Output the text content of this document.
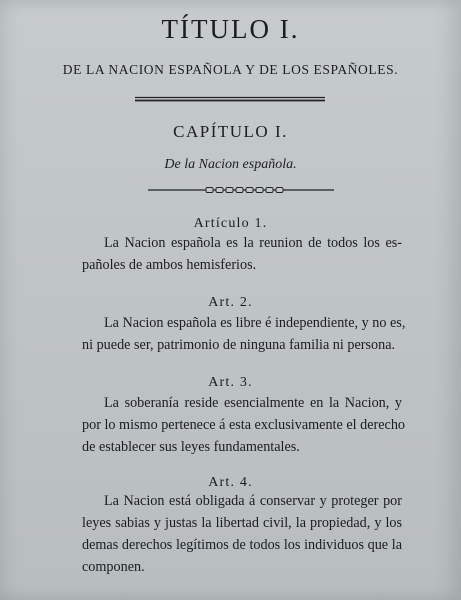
TÍTULO I.
DE LA NACION ESPAÑOLA Y DE LOS ESPAÑOLES.
CAPÍTULO I.
De la Nacion española.
Artículo 1.
La Nacion española es la reunion de todos los es-
pañoles de ambos hemisferios.
Art. 2.
La Nacion española es libre é independiente, y no es,
ni puede ser, patrimonio de ninguna familia ni persona.
Art. 3.
La soberanía reside esencialmente en la Nacion, y
por lo mismo pertenece á esta exclusivamente el derecho
de establecer sus leyes fundamentales.
Art. 4.
La Nacion está obligada á conservar y proteger por
leyes sabias y justas la libertad civil, la propiedad, y los
demas derechos legítimos de todos los individuos que la
componen.
